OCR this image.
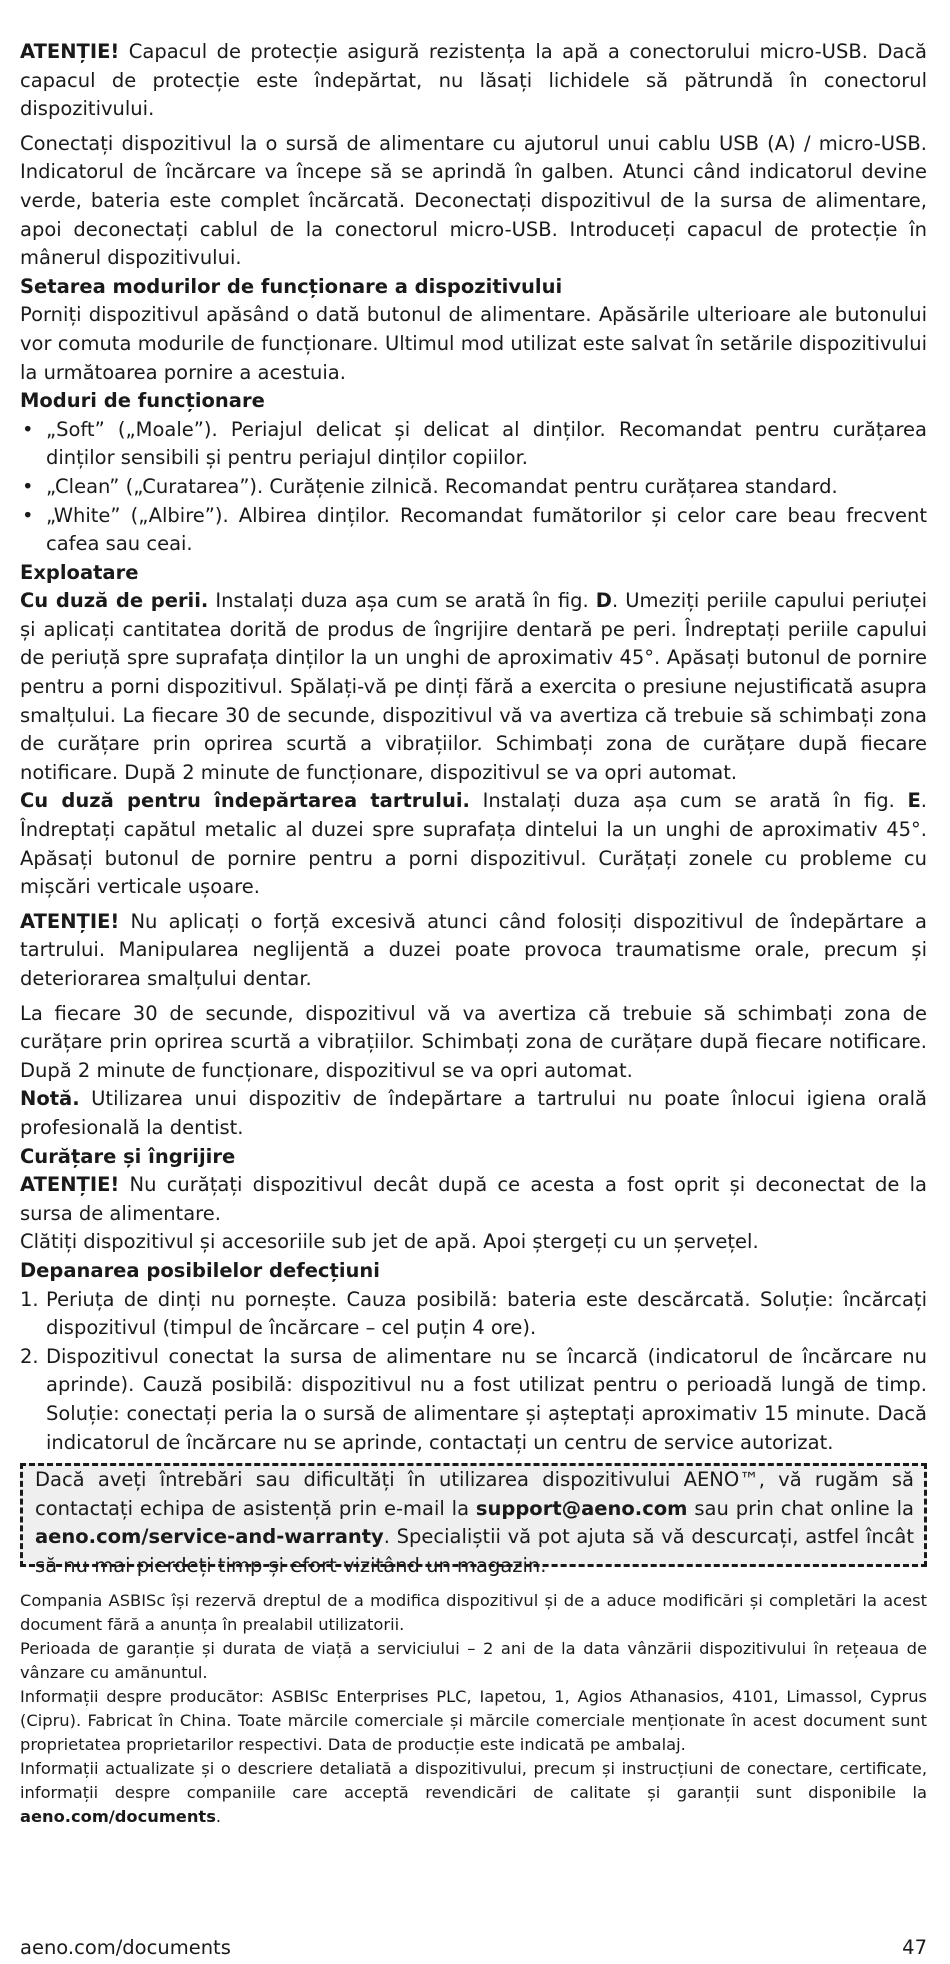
ATENȚIE! Capacul de protecție asigură rezistența la apă a conectorului micro-USB. Dacă capacul de protecție este îndepărtat, nu lăsați lichidele să pătrundă în conectorul dispozitivului.

Conectați dispozitivul la o sursă de alimentare cu ajutorul unui cablu USB (A) / micro-USB. Indicatorul de încărcare va începe să se aprindă în galben. Atunci când indicatorul devine verde, bateria este complet încărcată. Deconectați dispozitivul de la sursa de alimentare, apoi deconectați cablul de la conectorul micro-USB. Introduceți capacul de protecție în mânerul dispozitivului.

Setarea modurilor de funcționare a dispozitivului

Porniți dispozitivul apăsând o dată butonul de alimentare. Apăsările ulterioare ale butonului vor comuta modurile de funcționare. Ultimul mod utilizat este salvat în setările dispozitivului la următoarea pornire a acestuia.

Moduri de funcționare

• „Soft” („Moale”). Periajul delicat și delicat al dinților. Recomandat pentru curățarea dinților sensibili și pentru periajul dinților copiilor.
• „Clean” („Curatarea”). Curățenie zilnică. Recomandat pentru curățarea standard.
• „White” („Albire”). Albirea dinților. Recomandat fumătorilor și celor care beau frecvent cafea sau ceai.

Exploatare

Cu duză de perii. Instalați duza așa cum se arată în fig. D. Umeziți periile capului periuței și aplicați cantitatea dorită de produs de îngrijire dentară pe peri. Îndreptați periile capului de periuță spre suprafața dinților la un unghi de aproximativ 45°. Apăsați butonul de pornire pentru a porni dispozitivul. Spălați-vă pe dinți fără a exercita o presiune nejustificată asupra smalțului. La fiecare 30 de secunde, dispozitivul vă va avertiza că trebuie să schimbați zona de curățare prin oprirea scurtă a vibrațiilor. Schimbați zona de curățare după fiecare notificare. După 2 minute de funcționare, dispozitivul se va opri automat.

Cu duză pentru îndepărtarea tartrului. Instalați duza așa cum se arată în fig. E. Îndreptați capătul metalic al duzei spre suprafața dintelui la un unghi de aproximativ 45°. Apăsați butonul de pornire pentru a porni dispozitivul. Curățați zonele cu probleme cu mișcări verticale ușoare.

ATENȚIE! Nu aplicați o forță excesivă atunci când folosiți dispozitivul de îndepărtare a tartrului. Manipularea neglijentă a duzei poate provoca traumatisme orale, precum și deteriorarea smalțului dentar.

La fiecare 30 de secunde, dispozitivul vă va avertiza că trebuie să schimbați zona de curățare prin oprirea scurtă a vibrațiilor. Schimbați zona de curățare după fiecare notificare. După 2 minute de funcționare, dispozitivul se va opri automat.

Notă. Utilizarea unui dispozitiv de îndepărtare a tartrului nu poate înlocui igiena orală profesională la dentist.

Curățare și îngrijire

ATENȚIE! Nu curățați dispozitivul decât după ce acesta a fost oprit și deconectat de la sursa de alimentare.

Clătiți dispozitivul și accesoriile sub jet de apă. Apoi ștergeți cu un șervețel.

Depanarea posibilelor defecțiuni

1. Periuța de dinți nu pornește. Cauza posibilă: bateria este descărcată. Soluție: încărcați dispozitivul (timpul de încărcare – cel puțin 4 ore).
2. Dispozitivul conectat la sursa de alimentare nu se încarcă (indicatorul de încărcare nu aprinde). Cauză posibilă: dispozitivul nu a fost utilizat pentru o perioadă lungă de timp. Soluție: conectați peria la o sursă de alimentare și așteptați aproximativ 15 minute. Dacă indicatorul de încărcare nu se aprinde, contactați un centru de service autorizat.

Dacă aveți întrebări sau dificultăți în utilizarea dispozitivului AENO™, vă rugăm să contactați echipa de asistență prin e-mail la support@aeno.com sau prin chat online la aeno.com/service-and-warranty. Specialiștii vă pot ajuta să vă descurcați, astfel încât să nu mai pierdeți timp și efort vizitând un magazin.

Compania ASBISc își rezervă dreptul de a modifica dispozitivul și de a aduce modificări și completări la acest document fără a anunța în prealabil utilizatorii.

Perioada de garanție și durata de viață a serviciului – 2 ani de la data vânzării dispozitivului în rețeaua de vânzare cu amănuntul.

Informații despre producător: ASBISc Enterprises PLC, Iapetou, 1, Agios Athanasios, 4101, Limassol, Cyprus (Cipru). Fabricat în China. Toate mărcile comerciale și mărcile comerciale menționate în acest document sunt proprietatea proprietarilor respectivi. Data de producție este indicată pe ambalaj.

Informații actualizate și o descriere detaliată a dispozitivului, precum și instrucțiuni de conectare, certificate, informații despre companiile care acceptă revendicări de calitate și garanții sunt disponibile la aeno.com/documents.

aeno.com/documents	47
